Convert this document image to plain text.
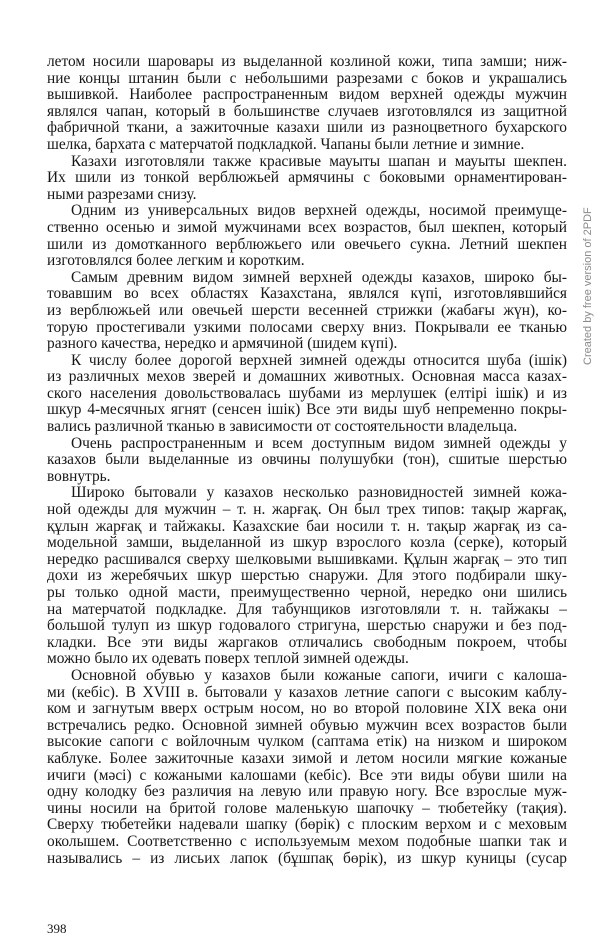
летом носили шаровары из выделанной козлиной кожи, типа замши; ниж-
ние концы штанин были с небольшими разрезами с боков и украшались
вышивкой. Наиболее распространенным видом верхней одежды мужчин
являлся чапан, который в большинстве случаев изготовлялся из защитной
фабричной ткани, а зажиточные казахи шили из разноцветного бухарского
шелка, бархата с матерчатой подкладкой. Чапаны были летние и зимние.
Казахи изготовляли также красивые мауыты шапан и мауыты шекпен.
Их шили из тонкой верблюжьей армячины с боковыми орнаментирован-
ными разрезами снизу.
Одним из универсальных видов верхней одежды, носимой преимуще-
ственно осенью и зимой мужчинами всех возрастов, был шекпен, который
шили из домотканного верблюжьего или овечьего сукна. Летний шекпен
изготовлялся более легким и коротким.
Самым древним видом зимней верхней одежды казахов, широко бы-
товавшим во всех областях Казахстана, являлся күпі, изготовлявшийся
из верблюжьей или овечьей шерсти весенней стрижки (жабағы жүн), ко-
торую простегивали узкими полосами сверху вниз. Покрывали ее тканью
разного качества, нередко и армячиной (шидем күпі).
К числу более дорогой верхней зимней одежды относится шуба (ішік)
из различных мехов зверей и домашних животных. Основная масса казах-
ского населения довольствовалась шубами из мерлушек (елтірі ішік) и из
шкур 4-месячных ягнят (сенсен ішік) Все эти виды шуб непременно покры-
вались различной тканью в зависимости от состоятельности владельца.
Очень распространенным и всем доступным видом зимней одежды у
казахов были выделанные из овчины полушубки (тон), сшитые шерстью
вовнутрь.
Широко бытовали у казахов несколько разновидностей зимней кожа-
ной одежды для мужчин – т. н. жарғақ. Он был трех типов: тақыр жарғақ,
құлын жарғақ и тайжакы. Казахские баи носили т. н. тақыр жарғақ из са-
модельной замши, выделанной из шкур взрослого козла (серке), который
нередко расшивался сверху шелковыми вышивками. Құлын жарғақ – это тип
дохи из жеребячьих шкур шерстью снаружи. Для этого подбирали шку-
ры только одной масти, преимущественно черной, нередко они шились
на матерчатой подкладке. Для табунщиков изготовляли т. н. тайжакы –
большой тулуп из шкур годовалого стригуна, шерстью снаружи и без под-
кладки. Все эти виды жаргаков отличались свободным покроем, чтобы
можно было их одевать поверх теплой зимней одежды.
Основной обувью у казахов были кожаные сапоги, ичиги с калоша-
ми (кебіс). В XVIII в. бытовали у казахов летние сапоги с высоким каблу-
ком и загнутым вверх острым носом, но во второй половине XIX века они
встречались редко. Основной зимней обувью мужчин всех возрастов были
высокие сапоги с войлочным чулком (саптама етік) на низком и широком
каблуке. Более зажиточные казахи зимой и летом носили мягкие кожаные
ичиги (мәсі) с кожаными калошами (кебіс). Все эти виды обуви шили на
одну колодку без различия на левую или правую ногу. Все взрослые муж-
чины носили на бритой голове маленькую шапочку – тюбетейку (тақия).
Сверху тюбетейки надевали шапку (бөрік) с плоским верхом и с меховым
околышем. Соответственно с используемым мехом подобные шапки так и
назывались – из лисьих лапок (бұшпақ бөрік), из шкур куницы (сусар
398
Created by free version of 2PDF
